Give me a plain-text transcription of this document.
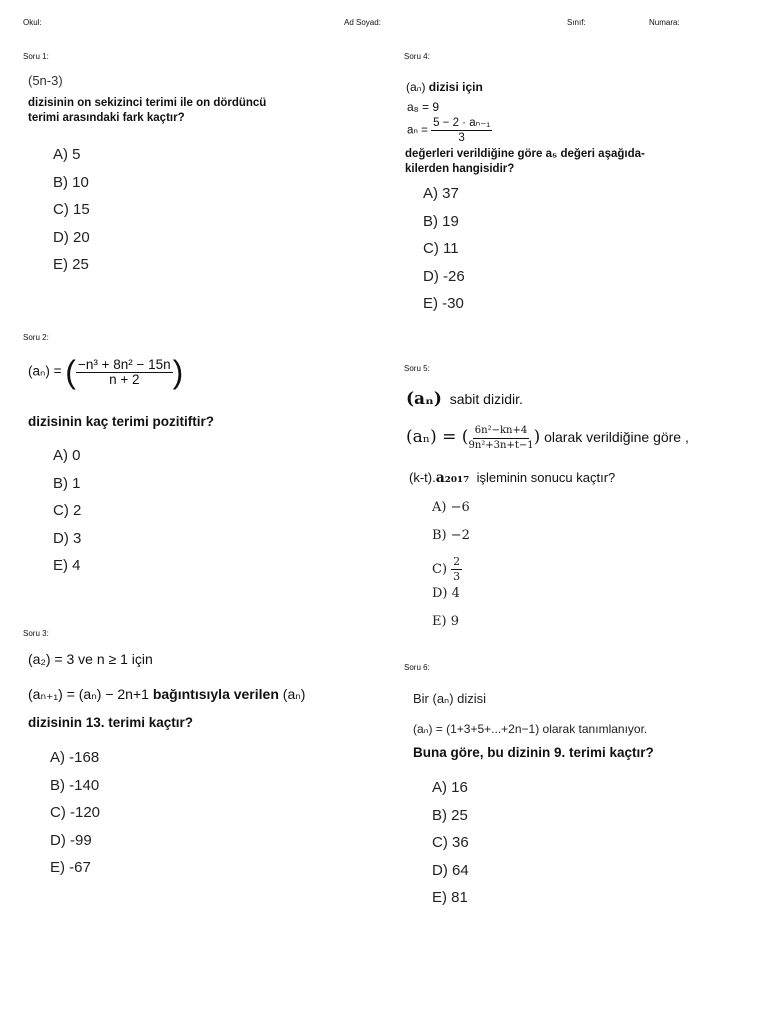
Okul:	Ad Soyad:	Sınıf:	Numara:
Soru 1:
(5n-3)
dizisinin on sekizinci terimi ile on dördüncü
terimi arasındaki fark kaçtır?
A) 5
B) 10
C) 15
D) 20
E) 25
Soru 2:
(aₙ) = ( $\frac{\text{−n³ + 8n² − 15n}}{n + 2}$ )
dizisinin kaç terimi pozitiftir?
A) 0
B) 1
C) 2
D) 3
E) 4
Soru 3:
(a₂) = 3 ve n ≥ 1 için
(aₙ₊₁) = (aₙ) − 2n+1 bağıntısıyla verilen (aₙ)
dizisinin 13. terimi kaçtır?
A) -168
B) -140
C) -120
D) -99
E) -67
Soru 4:
(aₙ) dizisi için
a₈ = 9
$a_n = \frac{\text{5 − 2 · aₙ₋₁}}{3}$
değerleri verildiğine göre a₅ değeri aşağıda-
kilerden hangisidir?
A) 37
B) 19
C) 11
D) -26
E) -30
Soru 5:
(aₙ) sabit dizidir.
(aₙ) = ( $\frac{\text{6n²−kn+4}}{\text{9n²+3n+t−1}}$ ) olarak verildiğine göre ,
(k-t).a₂₀₁₇ işleminin sonucu kaçtır?
A) −6
B) −2
$C) \frac{2}{3}$
D) 4
E) 9
Soru 6:
Bir (aₙ) dizisi
(aₙ) = (1+3+5+...+2n−1) olarak tanımlanıyor.
Buna göre, bu dizinin 9. terimi kaçtır?
A) 16
B) 25
C) 36
D) 64
E) 81
